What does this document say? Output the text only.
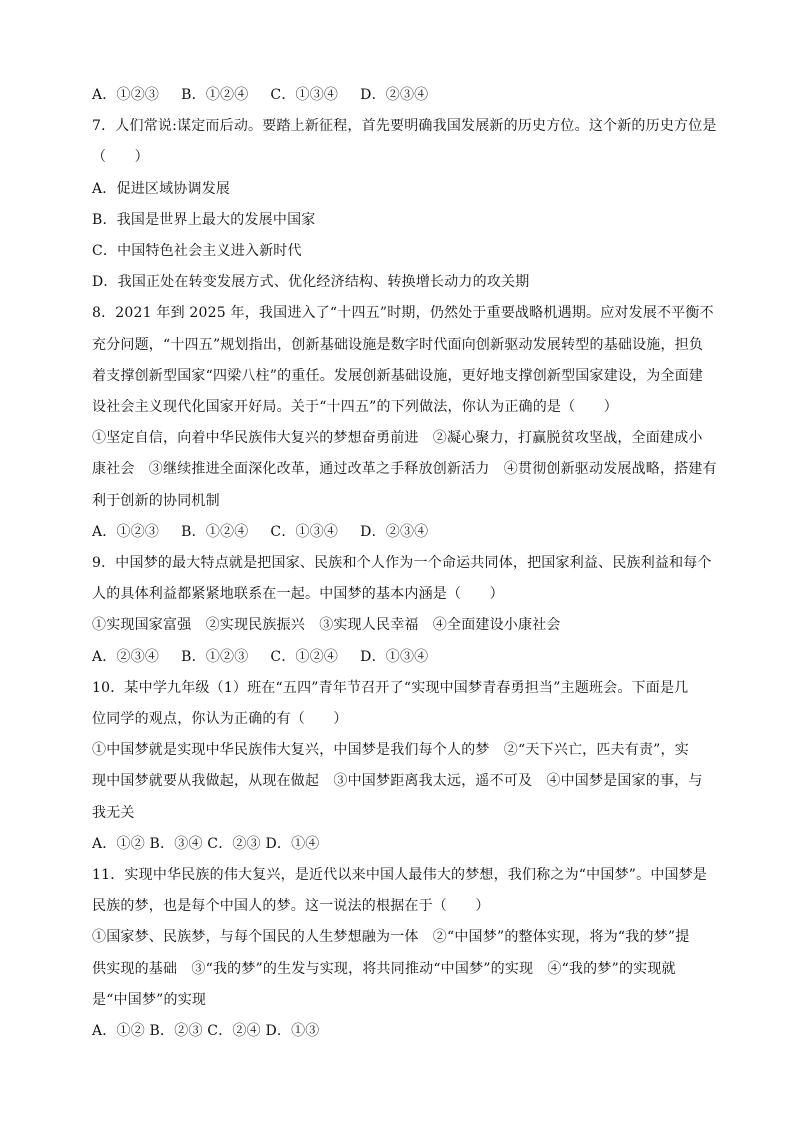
A．①②③ B．①②④ C．①③④ D．②③④
7．人们常说:谋定而后动。要踏上新征程，首先要明确我国发展新的历史方位。这个新的历史方位是
（　　）
A．促进区域协调发展
B．我国是世界上最大的发展中国家
C．中国特色社会主义进入新时代
D．我国正处在转变发展方式、优化经济结构、转换增长动力的攻关期
8．2021 年到 2025 年，我国进入了“十四五”时期，仍然处于重要战略机遇期。应对发展不平衡不
充分问题，“十四五”规划指出，创新基础设施是数字时代面向创新驱动发展转型的基础设施，担负
着支撑创新型国家“四梁八柱”的重任。发展创新基础设施，更好地支撑创新型国家建设，为全面建
设社会主义现代化国家开好局。关于“十四五”的下列做法，你认为正确的是（　　）
①坚定自信，向着中华民族伟大复兴的梦想奋勇前进　②凝心聚力，打赢脱贫攻坚战，全面建成小
康社会　③继续推进全面深化改革，通过改革之手释放创新活力　④贯彻创新驱动发展战略，搭建有
利于创新的协同机制
A．①②③ B．①②④ C．①③④ D．②③④
9．中国梦的最大特点就是把国家、民族和个人作为一个命运共同体，把国家利益、民族利益和每个
人的具体利益都紧紧地联系在一起。中国梦的基本内涵是（　　）
①实现国家富强　②实现民族振兴　③实现人民幸福　④全面建设小康社会
A．②③④ B．①②③ C．①②④ D．①③④
10．某中学九年级（1）班在“五四”青年节召开了“实现中国梦青春勇担当”主题班会。下面是几
位同学的观点，你认为正确的有（　　）
①中国梦就是实现中华民族伟大复兴，中国梦是我们每个人的梦　②“天下兴亡，匹夫有责”，实
现中国梦就要从我做起，从现在做起　③中国梦距离我太远，遥不可及　④中国梦是国家的事，与
我无关
A．①② B．③④ C．②③ D．①④
11．实现中华民族的伟大复兴，是近代以来中国人最伟大的梦想，我们称之为“中国梦”。中国梦是
民族的梦，也是每个中国人的梦。这一说法的根据在于（　　）
①国家梦、民族梦，与每个国民的人生梦想融为一体　②“中国梦”的整体实现，将为“我的梦”提
供实现的基础　③“我的梦”的生发与实现，将共同推动“中国梦”的实现　④“我的梦”的实现就
是“中国梦”的实现
A．①② B．②③ C．②④ D．①③
